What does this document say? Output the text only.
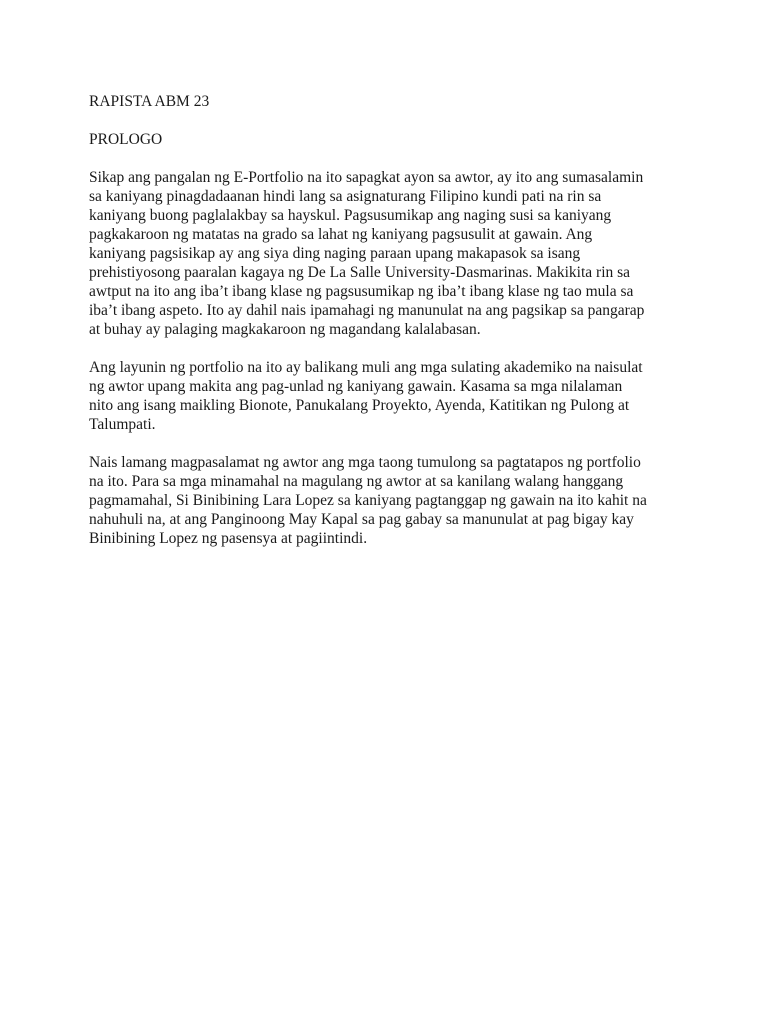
RAPISTA ABM 23
PROLOGO

Sikap ang pangalan ng E-Portfolio na ito sapagkat ayon sa awtor, ay ito ang sumasalamin
sa kaniyang pinagdadaanan hindi lang sa asignaturang Filipino kundi pati na rin sa
kaniyang buong paglalakbay sa hayskul. Pagsusumikap ang naging susi sa kaniyang
pagkakaroon ng matatas na grado sa lahat ng kaniyang pagsusulit at gawain. Ang
kaniyang pagsisikap ay ang siya ding naging paraan upang makapasok sa isang
prehistiyosong paaralan kagaya ng De La Salle University-Dasmarinas. Makikita rin sa
awtput na ito ang iba’t ibang klase ng pagsusumikap ng iba’t ibang klase ng tao mula sa
iba’t ibang aspeto. Ito ay dahil nais ipamahagi ng manunulat na ang pagsikap sa pangarap
at buhay ay palaging magkakaroon ng magandang kalalabasan.

Ang layunin ng portfolio na ito ay balikang muli ang mga sulating akademiko na naisulat
ng awtor upang makita ang pag-unlad ng kaniyang gawain. Kasama sa mga nilalaman
nito ang isang maikling Bionote, Panukalang Proyekto, Ayenda, Katitikan ng Pulong at
Talumpati.

Nais lamang magpasalamat ng awtor ang mga taong tumulong sa pagtatapos ng portfolio
na ito. Para sa mga minamahal na magulang ng awtor at sa kanilang walang hanggang
pagmamahal, Si Binibining Lara Lopez sa kaniyang pagtanggap ng gawain na ito kahit na
nahuhuli na, at ang Panginoong May Kapal sa pag gabay sa manunulat at pag bigay kay
Binibining Lopez ng pasensya at pagiintindi.
